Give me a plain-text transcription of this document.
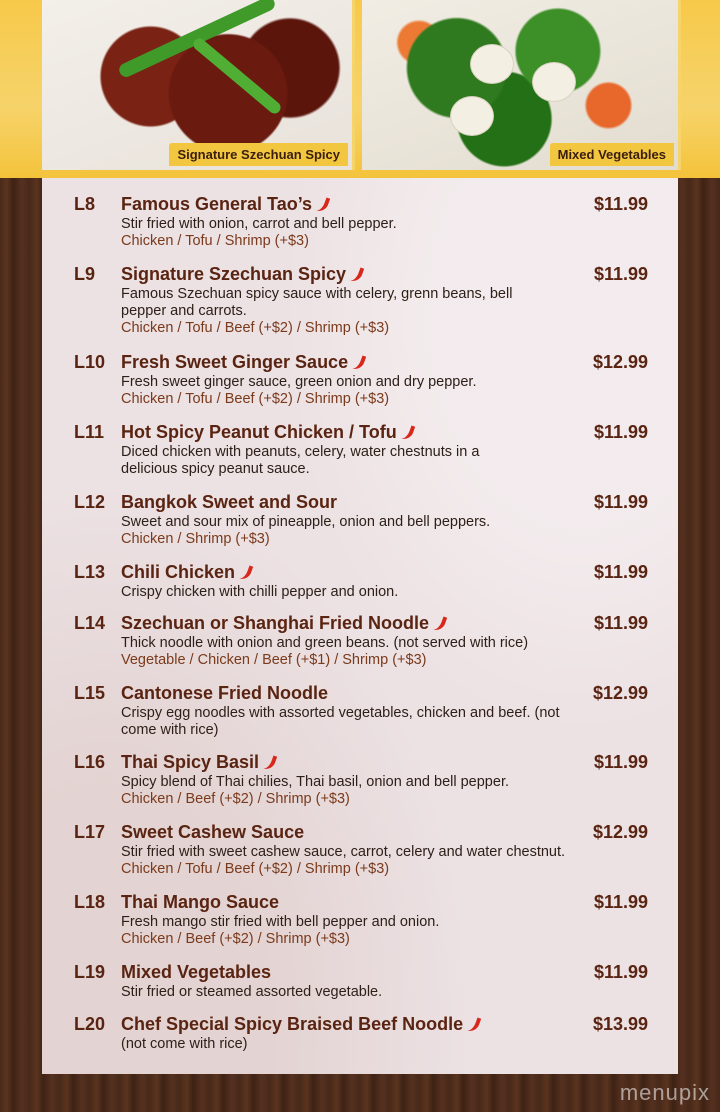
Signature Szechuan Spicy	Mixed Vegetables
L8 Famous General Tao’s	$11.99
Stir fried with onion, carrot and bell pepper.
Chicken / Tofu / Shrimp (+$3)
L9 Signature Szechuan Spicy	$11.99
Famous Szechuan spicy sauce with celery, grenn beans, bell pepper and carrots.
Chicken / Tofu / Beef (+$2) / Shrimp (+$3)
L10 Fresh Sweet Ginger Sauce	$12.99
Fresh sweet ginger sauce, green onion and dry pepper.
Chicken / Tofu / Beef (+$2) / Shrimp (+$3)
L11 Hot Spicy Peanut Chicken / Tofu	$11.99
Diced chicken with peanuts, celery, water chestnuts in a delicious spicy peanut sauce.
L12 Bangkok Sweet and Sour	$11.99
Sweet and sour mix of pineapple, onion and bell peppers.
Chicken / Shrimp (+$3)
L13 Chili Chicken	$11.99
Crispy chicken with chilli pepper and onion.
L14 Szechuan or Shanghai Fried Noodle	$11.99
Thick noodle with onion and green beans. (not served with rice)
Vegetable / Chicken / Beef (+$1) / Shrimp (+$3)
L15 Cantonese Fried Noodle	$12.99
Crispy egg noodles with assorted vegetables, chicken and beef. (not come with rice)
L16 Thai Spicy Basil	$11.99
Spicy blend of Thai chilies, Thai basil, onion and bell pepper.
Chicken / Beef (+$2) / Shrimp (+$3)
L17 Sweet Cashew Sauce	$12.99
Stir fried with sweet cashew sauce, carrot, celery and water chestnut.
Chicken / Tofu / Beef (+$2) / Shrimp (+$3)
L18 Thai Mango Sauce	$11.99
Fresh mango stir fried with bell pepper and onion.
Chicken / Beef (+$2) / Shrimp (+$3)
L19 Mixed Vegetables	$11.99
Stir fried or steamed assorted vegetable.
L20 Chef Special Spicy Braised Beef Noodle	$13.99
(not come with rice)
menupix
